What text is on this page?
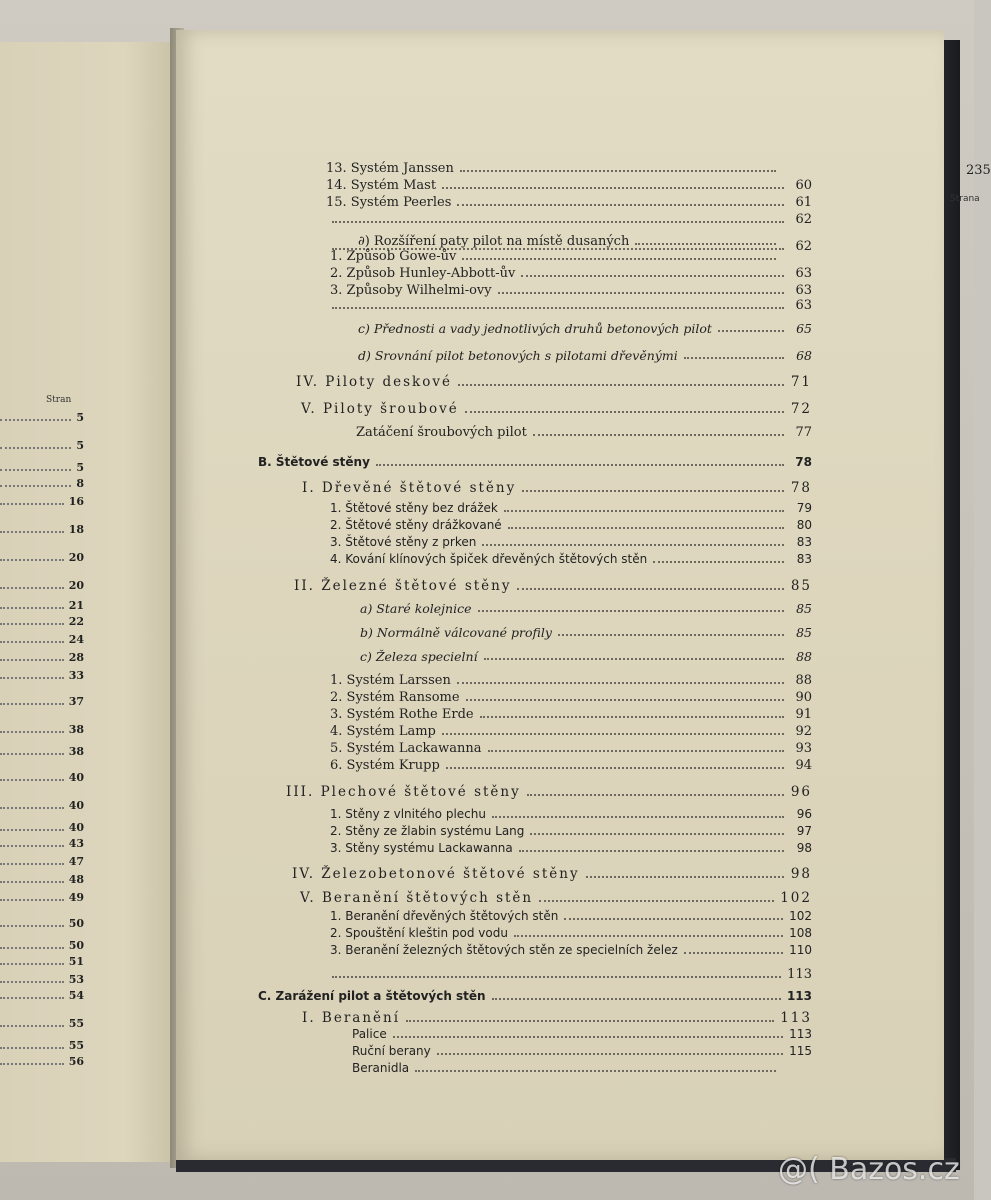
Stran
5
5
5
8
16
18
20
20
21
22
24
28
33
37
38
38
40
40
40
43
47
48
49
50
50
51
53
54
55
55
56
235
Strana
13. Systém Janssen
14. Systém Mast	60
15. Systém Peerles	61
62
∂) Rozšíření paty pilot na místě dusaných	62
1. Způsob Gowe-ův
2. Způsob Hunley-Abbott-ův	63
3. Způsoby Wilhelmi-ovy	63
63
c) Přednosti a vady jednotlivých druhů betonových pilot	65
d) Srovnání pilot betonových s pilotami dřevěnými	68
IV. Piloty deskové	71
V. Piloty šroubové	72
Zatáčení šroubových pilot	77
B. Štětové stěny	78
I. Dřevěné štětové stěny	78
1. Štětové stěny bez drážek	79
2. Štětové stěny drážkované	80
3. Štětové stěny z prken	83
4. Kování klínových špiček dřevěných štětových stěn	83
II. Železné štětové stěny	85
a) Staré kolejnice	85
b) Normálně válcované profily	85
c) Železa specielní	88
1. Systém Larssen	88
2. Systém Ransome	90
3. Systém Rothe Erde	91
4. Systém Lamp	92
5. Systém Lackawanna	93
6. Systém Krupp	94
III. Plechové štětové stěny	96
1. Stěny z vlnitého plechu	96
2. Stěny ze žlabin systému Lang	97
3. Stěny systému Lackawanna	98
IV. Železobetonové štětové stěny	98
V. Beranění štětových stěn	102
1. Beranění dřevěných štětových stěn	102
2. Spouštění kleštin pod vodu	108
3. Beranění železných štětových stěn ze specielních želez	110
113
C. Zarážení pilot a štětových stěn	113
I. Beranění	113
Palice	113
Ruční berany	115
Beranidla
@( Bazos.cz
